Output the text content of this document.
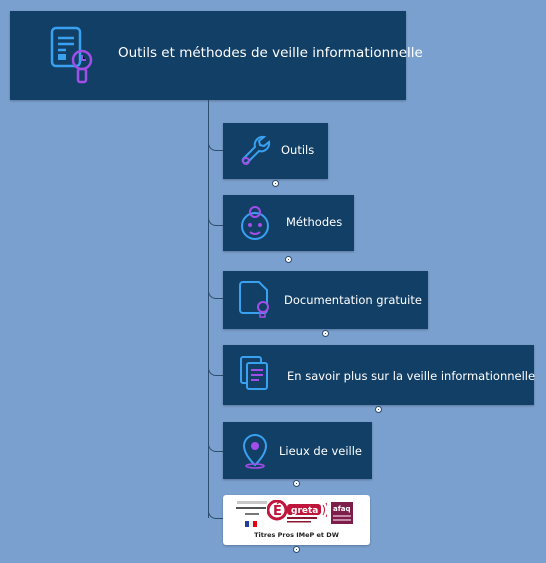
Outils et méthodes de veille informationnelle
Outils
Méthodes
Documentation gratuite
En savoir plus sur la veille informationnelle
Lieux de veille
É greta afaq
Titres Pros IMeP et DW
